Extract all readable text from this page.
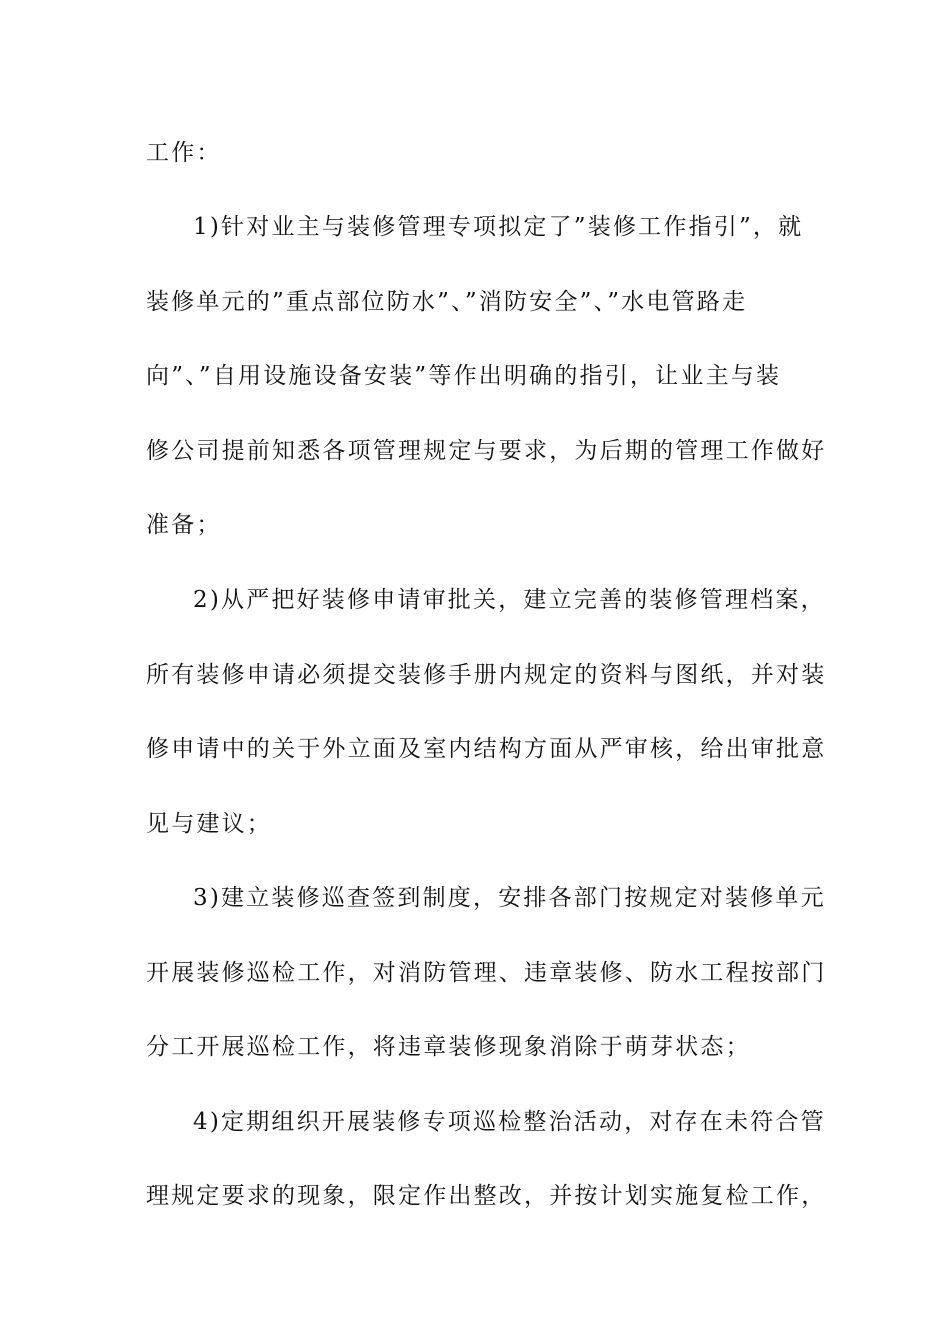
工作：
1)针对业主与装修管理专项拟定了”装修工作指引”，就
装修单元的”重点部位防水”、”消防安全”、”水电管路走
向”、”自用设施设备安装”等作出明确的指引，让业主与装
修公司提前知悉各项管理规定与要求，为后期的管理工作做好
准备；
2)从严把好装修申请审批关，建立完善的装修管理档案，
所有装修申请必须提交装修手册内规定的资料与图纸，并对装
修申请中的关于外立面及室内结构方面从严审核，给出审批意
见与建议；
3)建立装修巡查签到制度，安排各部门按规定对装修单元
开展装修巡检工作，对消防管理、违章装修、防水工程按部门
分工开展巡检工作，将违章装修现象消除于萌芽状态；
4)定期组织开展装修专项巡检整治活动，对存在未符合管
理规定要求的现象，限定作出整改，并按计划实施复检工作，
